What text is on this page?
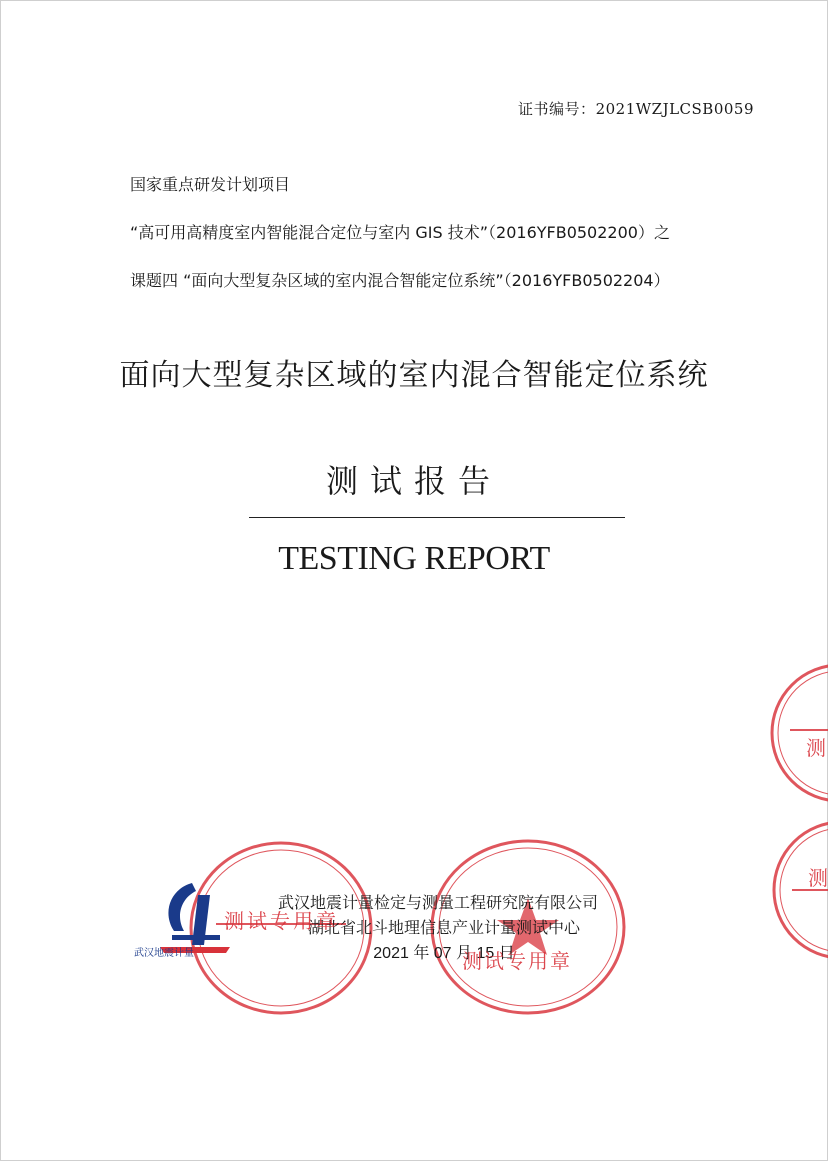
证书编号：2021WZJLCSB0059
国家重点研发计划项目
“高可用高精度室内智能混合定位与室内 GIS 技术”（2016YFB0502200）之
课题四 “面向大型复杂区域的室内混合智能定位系统”（2016YFB0502204）
面向大型复杂区域的室内混合智能定位系统
测试报告
TESTING REPORT
测
测
测试专用章
测试专用章
武汉地震计量
武汉地震计量检定与测量工程研究院有限公司
湖北省北斗地理信息产业计量测试中心
2021 年 07 月 15 日
